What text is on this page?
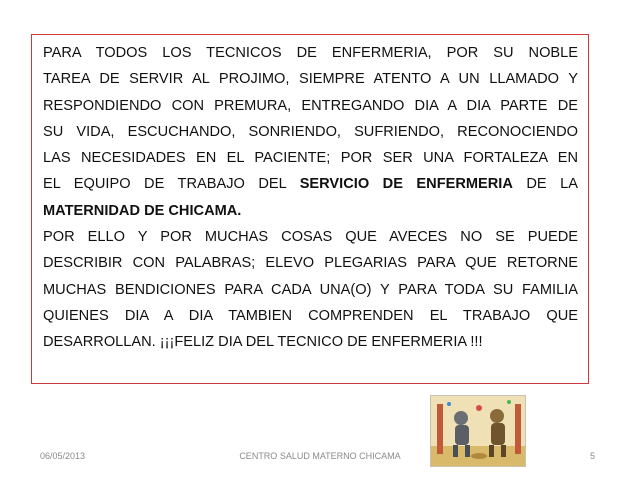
PARA TODOS LOS TECNICOS DE ENFERMERIA, POR SU NOBLE
TAREA DE SERVIR AL PROJIMO, SIEMPRE ATENTO A UN LLAMADO Y
RESPONDIENDO CON PREMURA, ENTREGANDO DIA A DIA PARTE DE
SU VIDA, ESCUCHANDO, SONRIENDO, SUFRIENDO, RECONOCIENDO
LAS NECESIDADES EN EL PACIENTE; POR SER UNA FORTALEZA EN
EL EQUIPO DE TRABAJO DEL SERVICIO DE ENFERMERIA DE LA
MATERNIDAD DE CHICAMA.
POR ELLO Y POR MUCHAS COSAS QUE AVECES NO SE PUEDE
DESCRIBIR CON PALABRAS; ELEVO PLEGARIAS PARA QUE RETORNE
MUCHAS BENDICIONES PARA CADA UNA(O) Y PARA TODA SU FAMILIA
QUIENES DIA A DIA TAMBIEN COMPRENDEN EL TRABAJO QUE
DESARROLLAN. ¡¡¡FELIZ DIA DEL TECNICO DE ENFERMERIA !!!
06/05/2013	CENTRO SALUD MATERNO CHICAMA	5
